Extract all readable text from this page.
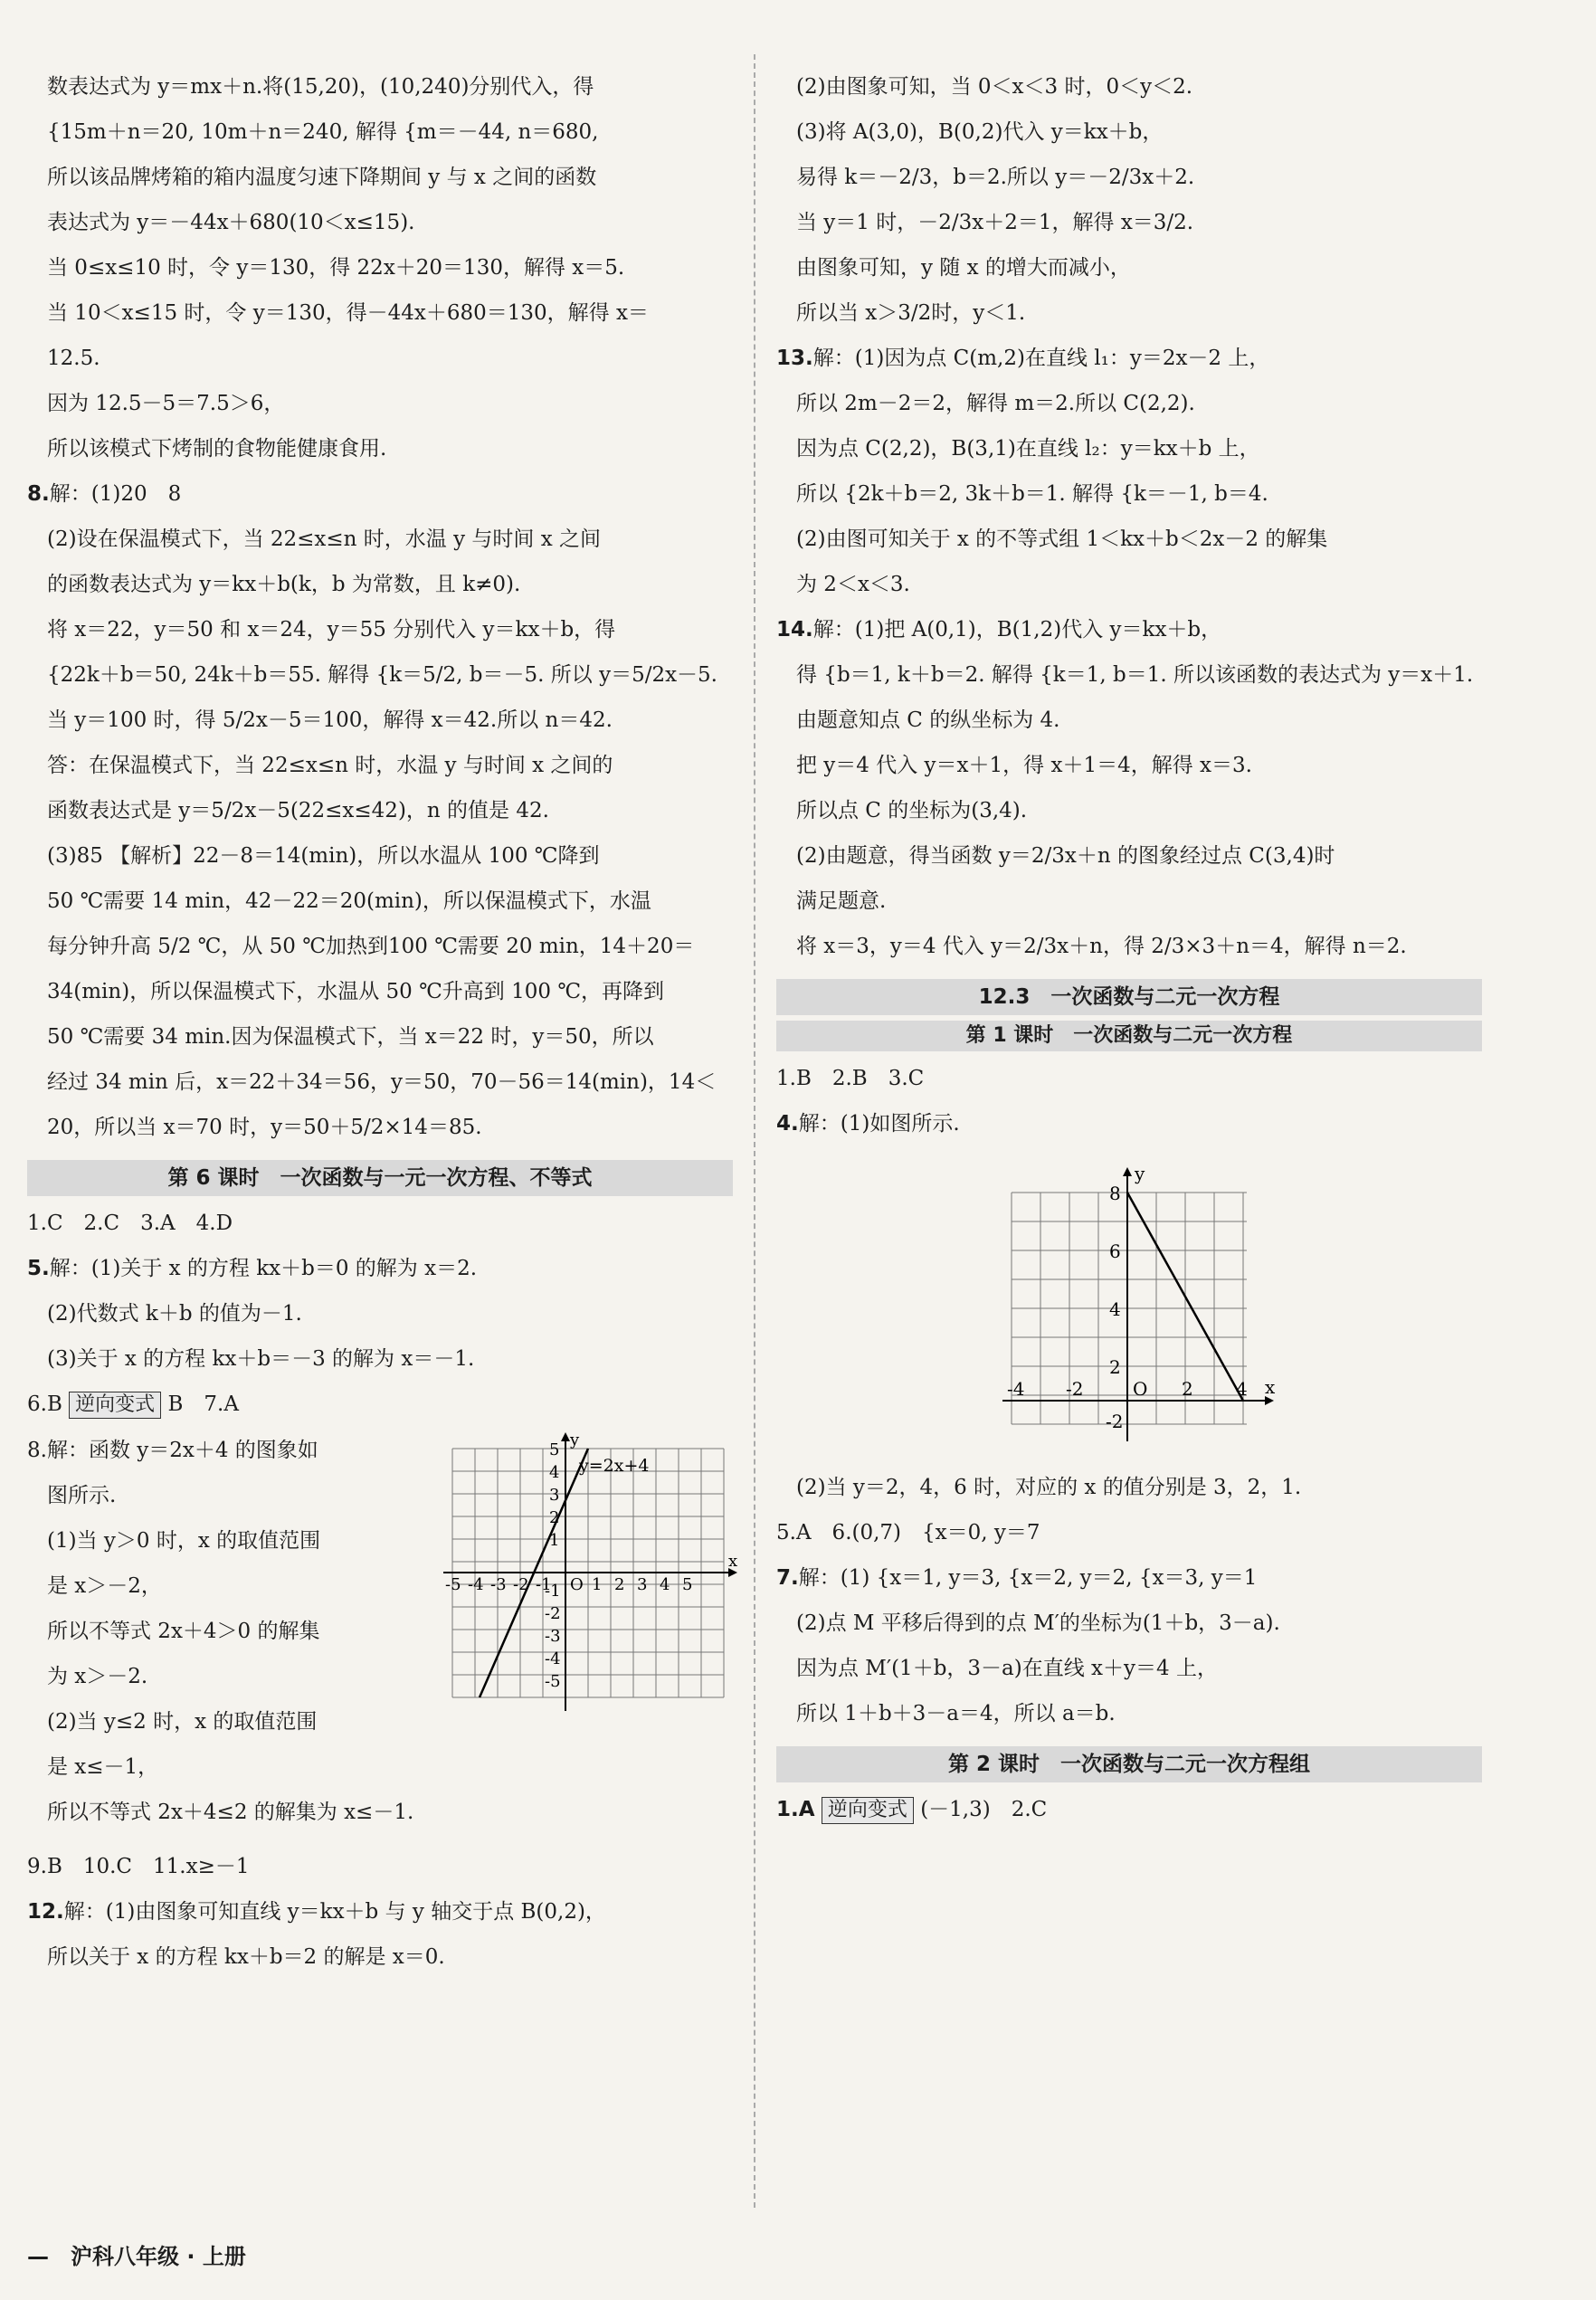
数表达式为 y＝mx＋n.将(15,20)，(10,240)分别代入，得
{15m＋n＝20, 10m＋n＝240, 解得 {m＝－44, n＝680,
所以该品牌烤箱的箱内温度匀速下降期间 y 与 x 之间的函数
表达式为 y＝－44x＋680(10＜x≤15).
当 0≤x≤10 时，令 y＝130，得 22x＋20＝130，解得 x＝5.
当 10＜x≤15 时，令 y＝130，得－44x＋680＝130，解得 x＝
12.5.
因为 12.5－5＝7.5＞6，
所以该模式下烤制的食物能健康食用.
8.解：(1)20　8
(2)设在保温模式下，当 22≤x≤n 时，水温 y 与时间 x 之间
的函数表达式为 y＝kx＋b(k，b 为常数，且 k≠0).
将 x＝22，y＝50 和 x＝24，y＝55 分别代入 y＝kx＋b，得
{22k＋b＝50, 24k＋b＝55. 解得 {k＝5/2, b＝－5. 所以 y＝5/2x－5.
当 y＝100 时，得 5/2x－5＝100，解得 x＝42.所以 n＝42.
答：在保温模式下，当 22≤x≤n 时，水温 y 与时间 x 之间的
函数表达式是 y＝5/2x－5(22≤x≤42)，n 的值是 42.
(3)85 【解析】22－8＝14(min)，所以水温从 100 ℃降到
50 ℃需要 14 min，42－22＝20(min)，所以保温模式下，水温
每分钟升高 5/2 ℃，从 50 ℃加热到100 ℃需要 20 min，14＋20＝
34(min)，所以保温模式下，水温从 50 ℃升高到 100 ℃，再降到
50 ℃需要 34 min.因为保温模式下，当 x＝22 时，y＝50，所以
经过 34 min 后，x＝22＋34＝56，y＝50，70－56＝14(min)，14＜
20，所以当 x＝70 时，y＝50＋5/2×14＝85.
第 6 课时　一次函数与一元一次方程、不等式
1.C　2.C　3.A　4.D
5.解：(1)关于 x 的方程 kx＋b＝0 的解为 x＝2.
(2)代数式 k＋b 的值为－1.
(3)关于 x 的方程 kx＋b＝－3 的解为 x＝－1.
6.B 逆向变式 B　7.A
8.解：函数 y＝2x＋4 的图象如
图所示.
(1)当 y＞0 时，x 的取值范围
是 x＞－2，
所以不等式 2x＋4＞0 的解集
为 x＞－2.
(2)当 y≤2 时，x 的取值范围
是 x≤－1，
所以不等式 2x＋4≤2 的解集为 x≤－1.
y
x
y=2x+4
5
4
3
2
1
-1
-2
-3
-4
-5
-5 -4 -3 -2 -1 O 1 2 3 4 5
9.B　10.C　11.x≥－1
12.解：(1)由图象可知直线 y＝kx＋b 与 y 轴交于点 B(0,2)，
所以关于 x 的方程 kx＋b＝2 的解是 x＝0.
(2)由图象可知，当 0＜x＜3 时，0＜y＜2.
(3)将 A(3,0)，B(0,2)代入 y＝kx＋b，
易得 k＝－2/3，b＝2.所以 y＝－2/3x＋2.
当 y＝1 时，－2/3x＋2＝1，解得 x＝3/2.
由图象可知，y 随 x 的增大而减小，
所以当 x＞3/2时，y＜1.
13.解：(1)因为点 C(m,2)在直线 l₁：y＝2x－2 上，
所以 2m－2＝2，解得 m＝2.所以 C(2,2).
因为点 C(2,2)，B(3,1)在直线 l₂：y＝kx＋b 上，
所以 {2k＋b＝2, 3k＋b＝1. 解得 {k＝－1, b＝4.
(2)由图可知关于 x 的不等式组 1＜kx＋b＜2x－2 的解集
为 2＜x＜3.
14.解：(1)把 A(0,1)，B(1,2)代入 y＝kx＋b，
得 {b＝1, k＋b＝2. 解得 {k＝1, b＝1. 所以该函数的表达式为 y＝x＋1.
由题意知点 C 的纵坐标为 4.
把 y＝4 代入 y＝x＋1，得 x＋1＝4，解得 x＝3.
所以点 C 的坐标为(3,4).
(2)由题意，得当函数 y＝2/3x＋n 的图象经过点 C(3,4)时
满足题意.
将 x＝3，y＝4 代入 y＝2/3x＋n，得 2/3×3＋n＝4，解得 n＝2.
12.3　一次函数与二元一次方程
第 1 课时　一次函数与二元一次方程
1.B　2.B　3.C
4.解：(1)如图所示.
y
x
8
6
4
2
-2
-4 -2	O 2 4
(2)当 y＝2，4，6 时，对应的 x 的值分别是 3，2，1.
5.A　6.(0,7)　{x＝0, y＝7
7.解：(1) {x＝1, y＝3, {x＝2, y＝2, {x＝3, y＝1
(2)点 M 平移后得到的点 M′的坐标为(1＋b，3－a).
因为点 M′(1＋b，3－a)在直线 x＋y＝4 上，
所以 1＋b＋3－a＝4，所以 a＝b.
第 2 课时　一次函数与二元一次方程组
1.A 逆向变式 (－1,3)　2.C
—　沪科八年级 · 上册
